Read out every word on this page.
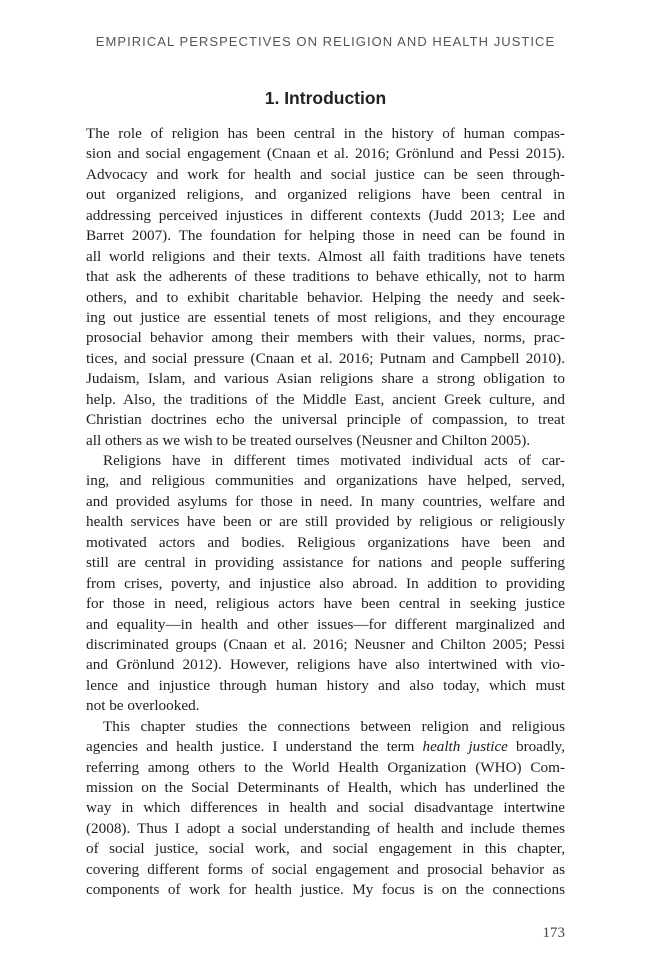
EMPIRICAL PERSPECTIVES ON RELIGION AND HEALTH JUSTICE
1. Introduction
The role of religion has been central in the history of human compas-
sion and social engagement (Cnaan et al. 2016; Grönlund and Pessi 2015).
Advocacy and work for health and social justice can be seen through-
out organized religions, and organized religions have been central in
addressing perceived injustices in different contexts (Judd 2013; Lee and
Barret 2007). The foundation for helping those in need can be found in
all world religions and their texts. Almost all faith traditions have tenets
that ask the adherents of these traditions to behave ethically, not to harm
others, and to exhibit charitable behavior. Helping the needy and seek-
ing out justice are essential tenets of most religions, and they encourage
prosocial behavior among their members with their values, norms, prac-
tices, and social pressure (Cnaan et al. 2016; Putnam and Campbell 2010).
Judaism, Islam, and various Asian religions share a strong obligation to
help. Also, the traditions of the Middle East, ancient Greek culture, and
Christian doctrines echo the universal principle of compassion, to treat
all others as we wish to be treated ourselves (Neusner and Chilton 2005).
Religions have in different times motivated individual acts of car-
ing, and religious communities and organizations have helped, served,
and provided asylums for those in need. In many countries, welfare and
health services have been or are still provided by religious or religiously
motivated actors and bodies. Religious organizations have been and
still are central in providing assistance for nations and people suffering
from crises, poverty, and injustice also abroad. In addition to providing
for those in need, religious actors have been central in seeking justice
and equality—in health and other issues—for different marginalized and
discriminated groups (Cnaan et al. 2016; Neusner and Chilton 2005; Pessi
and Grönlund 2012). However, religions have also intertwined with vio-
lence and injustice through human history and also today, which must
not be overlooked.
This chapter studies the connections between religion and religious
agencies and health justice. I understand the term health justice broadly,
referring among others to the World Health Organization (WHO) Com-
mission on the Social Determinants of Health, which has underlined the
way in which differences in health and social disadvantage intertwine
(2008). Thus I adopt a social understanding of health and include themes
of social justice, social work, and social engagement in this chapter,
covering different forms of social engagement and prosocial behavior as
components of work for health justice. My focus is on the connections
173
